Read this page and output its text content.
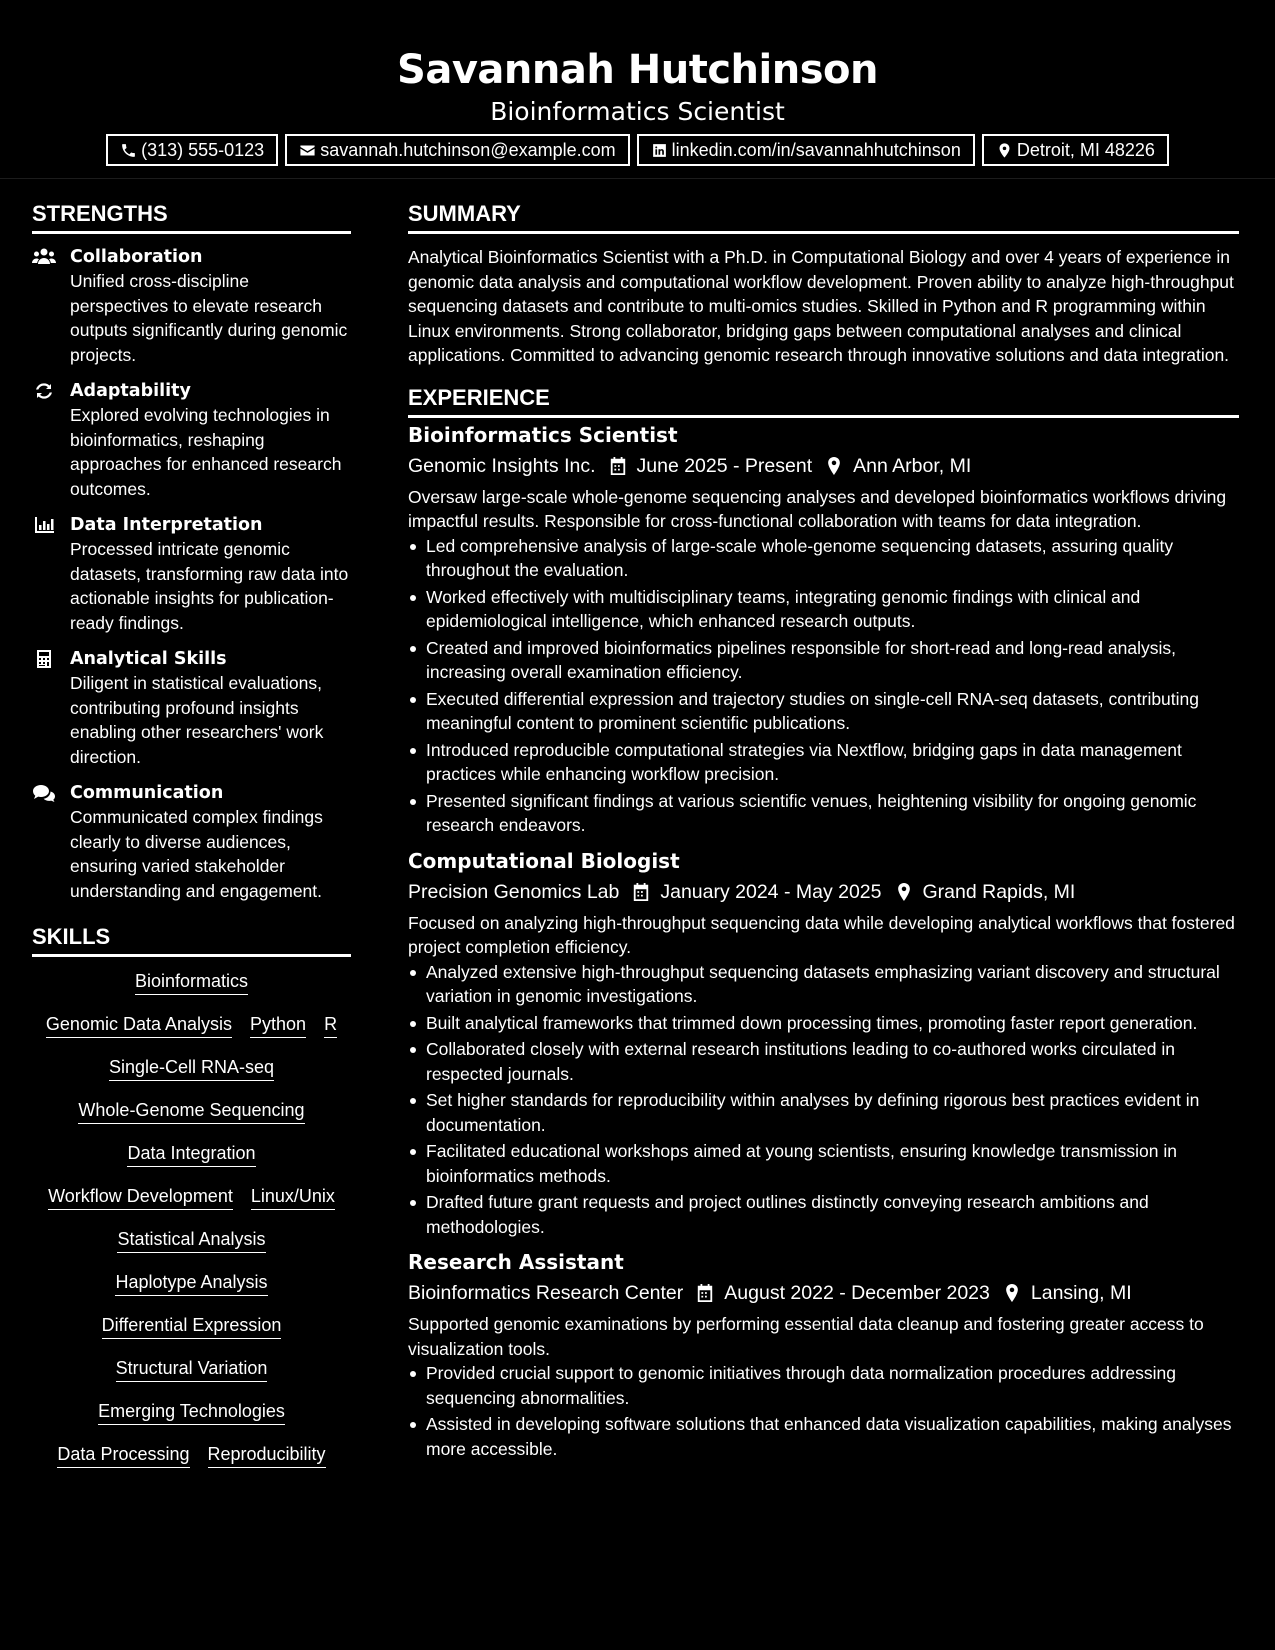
Savannah Hutchinson
Bioinformatics Scientist
(313) 555-0123	savannah.hutchinson@example.com	linkedin.com/in/savannahhutchinson	Detroit, MI 48226
STRENGTHS
Collaboration
Unified cross-discipline perspectives to elevate research outputs significantly during genomic projects.
Adaptability
Explored evolving technologies in bioinformatics, reshaping approaches for enhanced research outcomes.
Data Interpretation
Processed intricate genomic datasets, transforming raw data into actionable insights for publication-ready findings.
Analytical Skills
Diligent in statistical evaluations, contributing profound insights enabling other researchers' work direction.
Communication
Communicated complex findings clearly to diverse audiences, ensuring varied stakeholder understanding and engagement.
SKILLS
Bioinformatics
Genomic Data Analysis Python R
Single-Cell RNA-seq
Whole-Genome Sequencing
Data Integration
Workflow Development Linux/Unix
Statistical Analysis
Haplotype Analysis
Differential Expression
Structural Variation
Emerging Technologies
Data Processing Reproducibility
SUMMARY
Analytical Bioinformatics Scientist with a Ph.D. in Computational Biology and over 4 years of experience in genomic data analysis and computational workflow development. Proven ability to analyze high-throughput sequencing datasets and contribute to multi-omics studies. Skilled in Python and R programming within Linux environments. Strong collaborator, bridging gaps between computational analyses and clinical applications. Committed to advancing genomic research through innovative solutions and data integration.
EXPERIENCE
Bioinformatics Scientist
Genomic Insights Inc. June 2025 - Present Ann Arbor, MI
Oversaw large-scale whole-genome sequencing analyses and developed bioinformatics workflows driving impactful results. Responsible for cross-functional collaboration with teams for data integration.
Led comprehensive analysis of large-scale whole-genome sequencing datasets, assuring quality throughout the evaluation.
Worked effectively with multidisciplinary teams, integrating genomic findings with clinical and epidemiological intelligence, which enhanced research outputs.
Created and improved bioinformatics pipelines responsible for short-read and long-read analysis, increasing overall examination efficiency.
Executed differential expression and trajectory studies on single-cell RNA-seq datasets, contributing meaningful content to prominent scientific publications.
Introduced reproducible computational strategies via Nextflow, bridging gaps in data management practices while enhancing workflow precision.
Presented significant findings at various scientific venues, heightening visibility for ongoing genomic research endeavors.
Computational Biologist
Precision Genomics Lab January 2024 - May 2025 Grand Rapids, MI
Focused on analyzing high-throughput sequencing data while developing analytical workflows that fostered project completion efficiency.
Analyzed extensive high-throughput sequencing datasets emphasizing variant discovery and structural variation in genomic investigations.
Built analytical frameworks that trimmed down processing times, promoting faster report generation.
Collaborated closely with external research institutions leading to co-authored works circulated in respected journals.
Set higher standards for reproducibility within analyses by defining rigorous best practices evident in documentation.
Facilitated educational workshops aimed at young scientists, ensuring knowledge transmission in bioinformatics methods.
Drafted future grant requests and project outlines distinctly conveying research ambitions and methodologies.
Research Assistant
Bioinformatics Research Center August 2022 - December 2023 Lansing, MI
Supported genomic examinations by performing essential data cleanup and fostering greater access to visualization tools.
Provided crucial support to genomic initiatives through data normalization procedures addressing sequencing abnormalities.
Assisted in developing software solutions that enhanced data visualization capabilities, making analyses more accessible.
